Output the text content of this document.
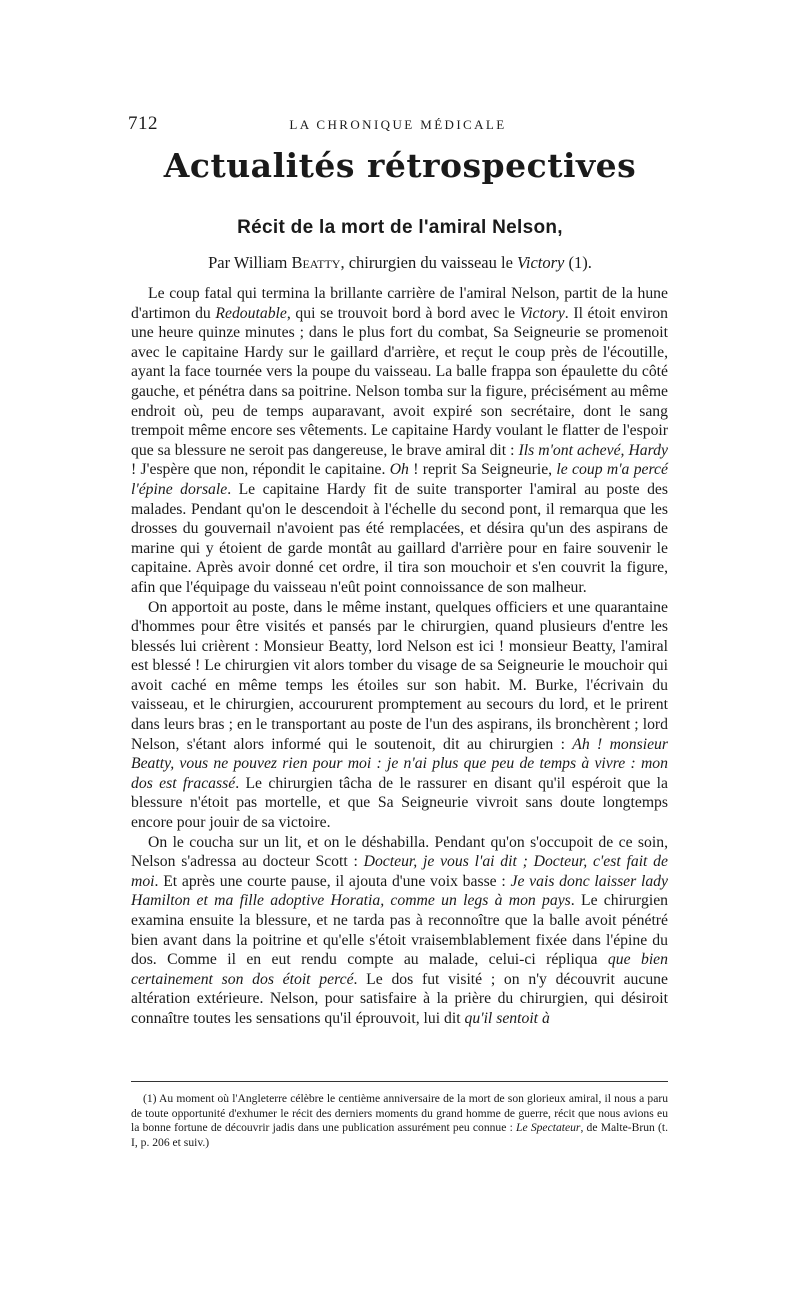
712	LA CHRONIQUE MÉDICALE
Actualités rétrospectives
Récit de la mort de l'amiral Nelson,
Par William Beatty, chirurgien du vaisseau le Victory (1).

Le coup fatal qui termina la brillante carrière de l'amiral Nelson, partit de la hune d'artimon du Redoutable, qui se trouvoit bord à bord avec le Victory. Il étoit environ une heure quinze minutes ; dans le plus fort du combat, Sa Seigneurie se promenoit avec le capitaine Hardy sur le gaillard d'arrière, et reçut le coup près de l'écoutille, ayant la face tournée vers la poupe du vaisseau. La balle frappa son épaulette du côté gauche, et pénétra dans sa poitrine. Nelson tomba sur la figure, précisément au même endroit où, peu de temps auparavant, avoit expiré son secrétaire, dont le sang trempoit même encore ses vêtements. Le capitaine Hardy voulant le flatter de l'espoir que sa blessure ne seroit pas dangereuse, le brave amiral dit : Ils m'ont achevé, Hardy ! J'espère que non, répondit le capitaine. Oh ! reprit Sa Seigneurie, le coup m'a percé l'épine dorsale. Le capitaine Hardy fit de suite transporter l'amiral au poste des malades. Pendant qu'on le descendoit à l'échelle du second pont, il remarqua que les drosses du gouvernail n'avoient pas été remplacées, et désira qu'un des aspirans de marine qui y étoient de garde montât au gaillard d'arrière pour en faire souvenir le capitaine. Après avoir donné cet ordre, il tira son mouchoir et s'en couvrit la figure, afin que l'équipage du vaisseau n'eût point connoissance de son malheur.

On apportoit au poste, dans le même instant, quelques officiers et une quarantaine d'hommes pour être visités et pansés par le chirurgien, quand plusieurs d'entre les blessés lui crièrent : Monsieur Beatty, lord Nelson est ici ! monsieur Beatty, l'amiral est blessé ! Le chirurgien vit alors tomber du visage de sa Seigneurie le mouchoir qui avoit caché en même temps les étoiles sur son habit. M. Burke, l'écrivain du vaisseau, et le chirurgien, accoururent promptement au secours du lord, et le prirent dans leurs bras ; en le transportant au poste de l'un des aspirans, ils bronchèrent ; lord Nelson, s'étant alors informé qui le soutenoit, dit au chirurgien : Ah ! monsieur Beatty, vous ne pouvez rien pour moi : je n'ai plus que peu de temps à vivre : mon dos est fracassé. Le chirurgien tâcha de le rassurer en disant qu'il espéroit que la blessure n'étoit pas mortelle, et que Sa Seigneurie vivroit sans doute longtemps encore pour jouir de sa victoire.

On le coucha sur un lit, et on le déshabilla. Pendant qu'on s'occupoit de ce soin, Nelson s'adressa au docteur Scott : Docteur, je vous l'ai dit ; Docteur, c'est fait de moi. Et après une courte pause, il ajouta d'une voix basse : Je vais donc laisser lady Hamilton et ma fille adoptive Horatia, comme un legs à mon pays. Le chirurgien examina ensuite la blessure, et ne tarda pas à reconnoître que la balle avoit pénétré bien avant dans la poitrine et qu'elle s'étoit vraisemblablement fixée dans l'épine du dos. Comme il en eut rendu compte au malade, celui-ci répliqua que bien certainement son dos étoit percé. Le dos fut visité ; on n'y découvrit aucune altération extérieure. Nelson, pour satisfaire à la prière du chirurgien, qui désiroit connaître toutes les sensations qu'il éprouvoit, lui dit qu'il sentoit à

(1) Au moment où l'Angleterre célèbre le centième anniversaire de la mort de son glorieux amiral, il nous a paru de toute opportunité d'exhumer le récit des derniers moments du grand homme de guerre, récit que nous avions eu la bonne fortune de découvrir jadis dans une publication assurément peu connue : Le Spectateur, de Malte-Brun (t. I, p. 206 et suiv.)
